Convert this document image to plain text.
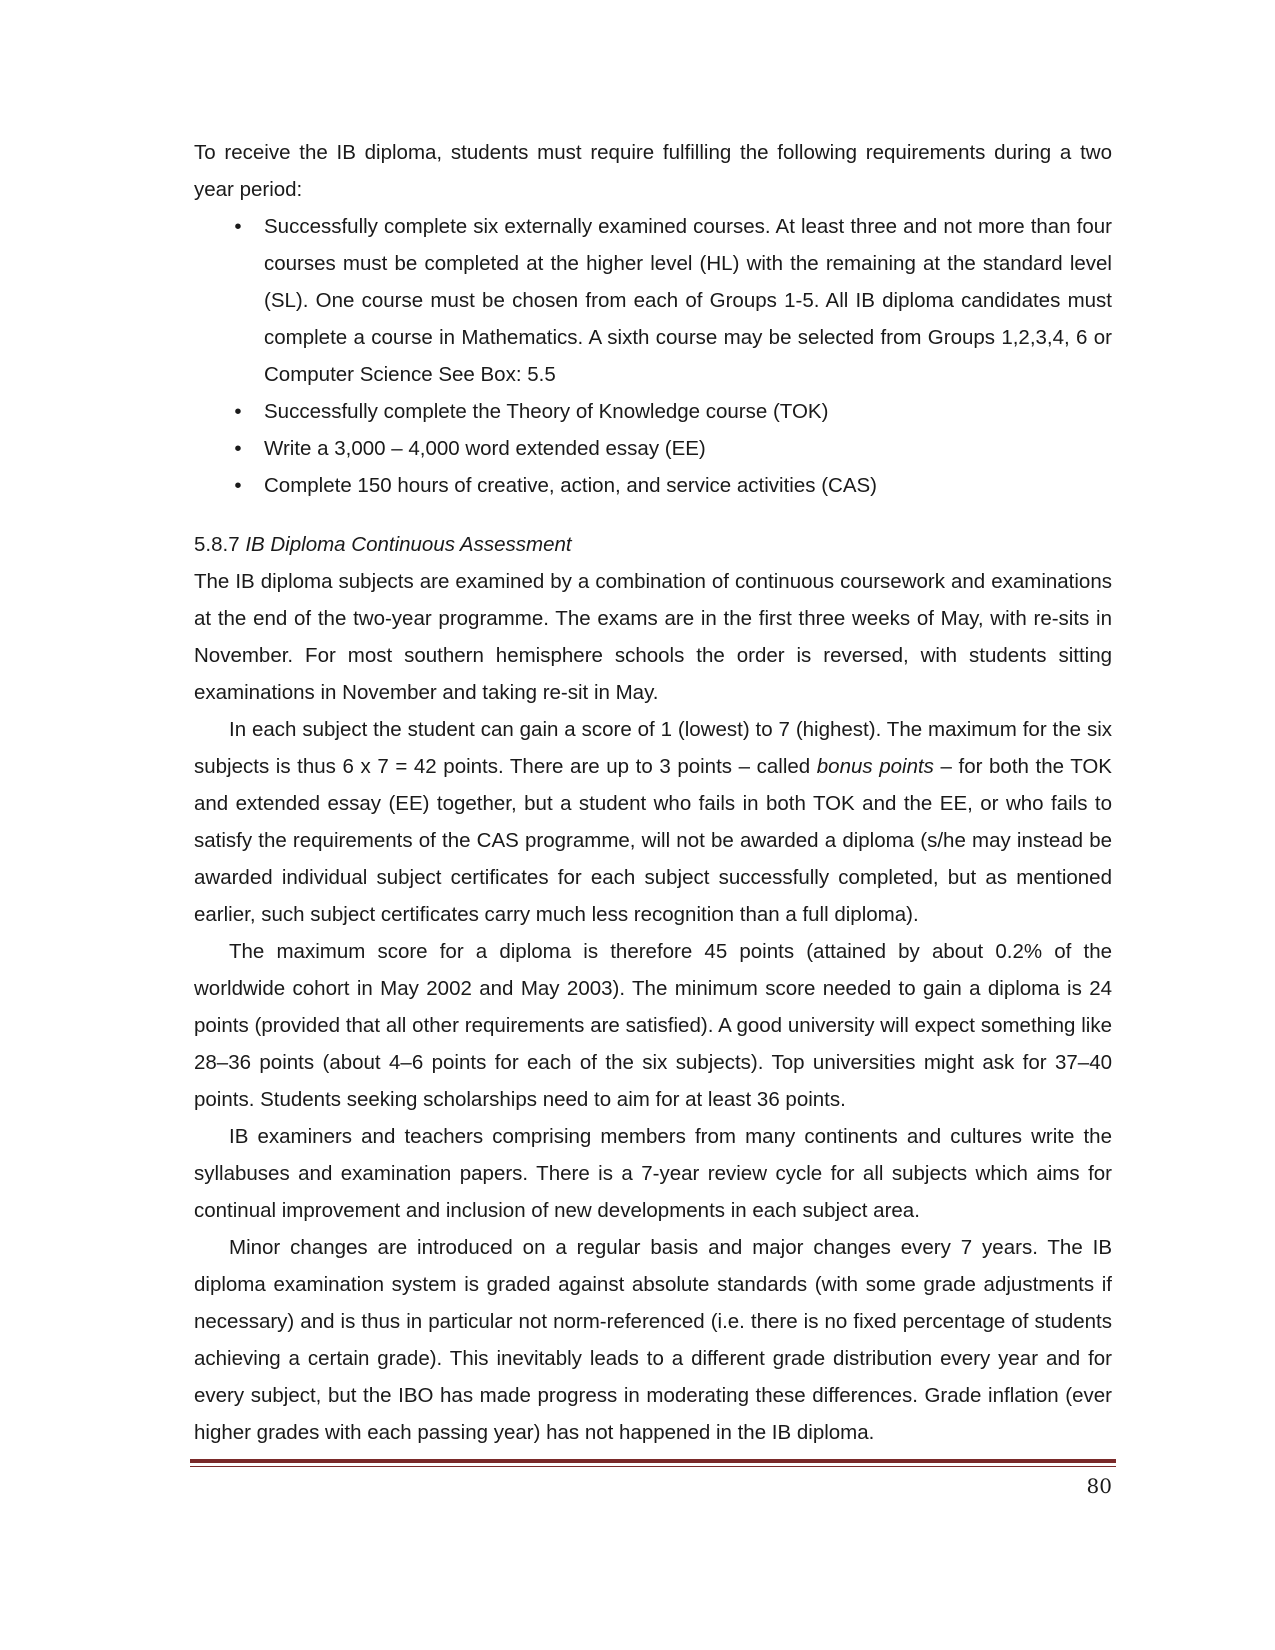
To receive the IB diploma, students must require fulfilling the following requirements during a two year period:

•	Successfully complete six externally examined courses. At least three and not more than four courses must be completed at the higher level (HL) with the remaining at the standard level (SL). One course must be chosen from each of Groups 1-5. All IB diploma candidates must complete a course in Mathematics. A sixth course may be selected from Groups 1,2,3,4, 6 or Computer Science See Box: 5.5
•	Successfully complete the Theory of Knowledge course (TOK)
•	Write a 3,000 – 4,000 word extended essay (EE)
•	Complete 150 hours of creative, action, and service activities (CAS)
5.8.7 IB Diploma Continuous Assessment

The IB diploma subjects are examined by a combination of continuous coursework and examinations at the end of the two-year programme. The exams are in the first three weeks of May, with re-sits in November. For most southern hemisphere schools the order is reversed, with students sitting examinations in November and taking re-sit in May.

In each subject the student can gain a score of 1 (lowest) to 7 (highest). The maximum for the six subjects is thus 6 x 7 = 42 points. There are up to 3 points – called bonus points – for both the TOK and extended essay (EE) together, but a student who fails in both TOK and the EE, or who fails to satisfy the requirements of the CAS programme, will not be awarded a diploma (s/he may instead be awarded individual subject certificates for each subject successfully completed, but as mentioned earlier, such subject certificates carry much less recognition than a full diploma).

The maximum score for a diploma is therefore 45 points (attained by about 0.2% of the worldwide cohort in May 2002 and May 2003). The minimum score needed to gain a diploma is 24 points (provided that all other requirements are satisfied). A good university will expect something like 28–36 points (about 4–6 points for each of the six subjects). Top universities might ask for 37–40 points. Students seeking scholarships need to aim for at least 36 points.

IB examiners and teachers comprising members from many continents and cultures write the syllabuses and examination papers. There is a 7-year review cycle for all subjects which aims for continual improvement and inclusion of new developments in each subject area.

Minor changes are introduced on a regular basis and major changes every 7 years. The IB diploma examination system is graded against absolute standards (with some grade adjustments if necessary) and is thus in particular not norm-referenced (i.e. there is no fixed percentage of students achieving a certain grade). This inevitably leads to a different grade distribution every year and for every subject, but the IBO has made progress in moderating these differences. Grade inflation (ever higher grades with each passing year) has not happened in the IB diploma.

80
